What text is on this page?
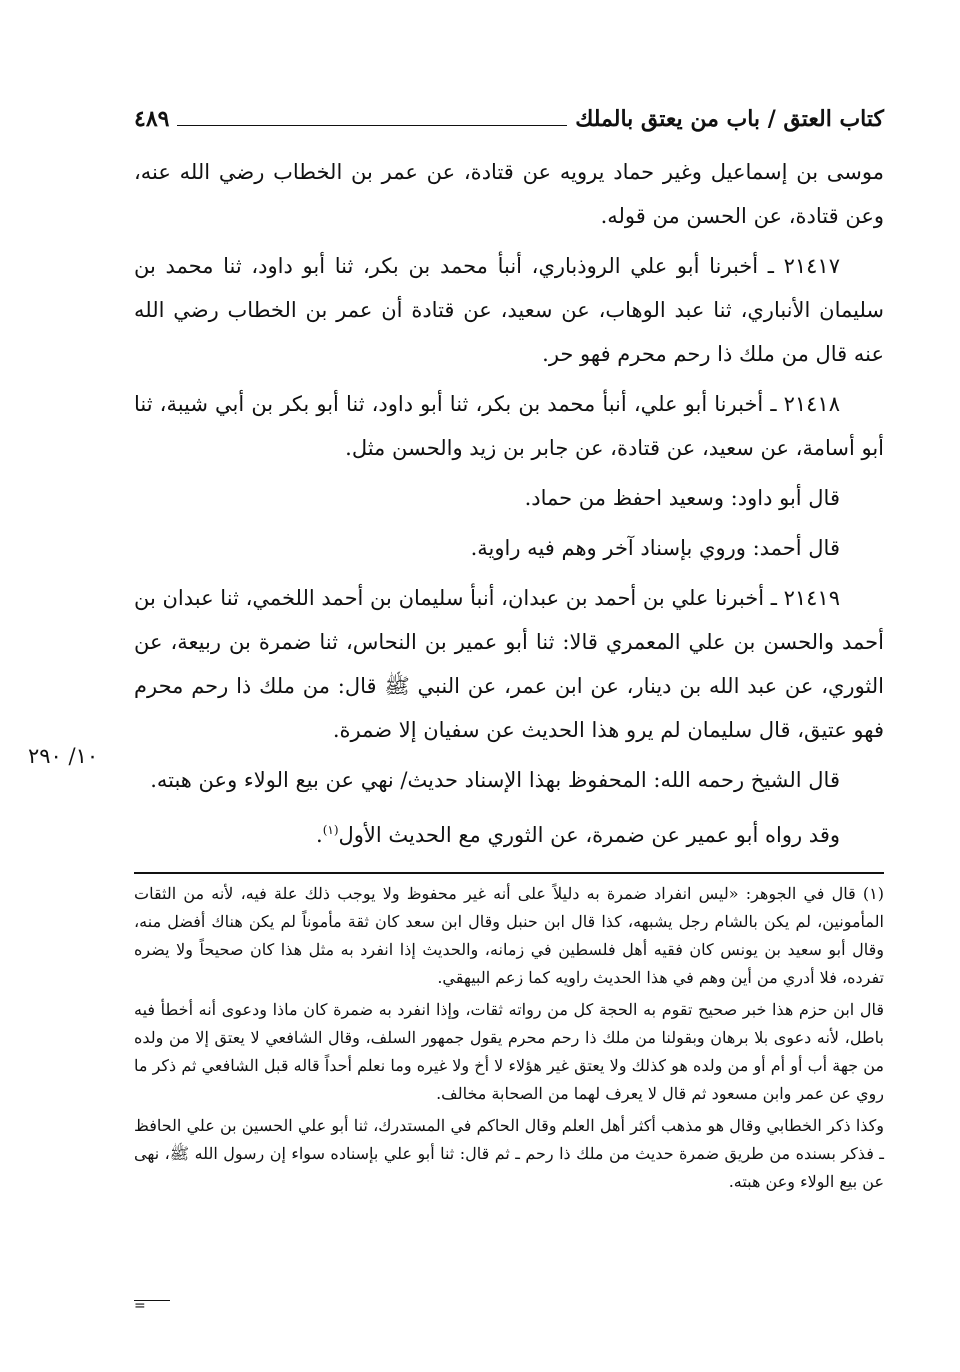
كتاب العتق / باب من يعتق بالملك
٤٨٩

موسى بن إسماعيل وغير حماد يرويه عن قتادة، عن عمر بن الخطاب رضي الله عنه، وعن قتادة، عن الحسن من قوله.

٢١٤١٧ ـ أخبرنا أبو علي الروذباري، أنبأ محمد بن بكر، ثنا أبو داود، ثنا محمد بن سليمان الأنباري، ثنا عبد الوهاب، عن سعيد، عن قتادة أن عمر بن الخطاب رضي الله عنه قال من ملك ذا رحم محرم فهو حر.

٢١٤١٨ ـ أخبرنا أبو علي، أنبأ محمد بن بكر، ثنا أبو داود، ثنا أبو بكر بن أبي شيبة، ثنا أبو أسامة، عن سعيد، عن قتادة، عن جابر بن زيد والحسن مثل.

قال أبو داود: وسعيد احفظ من حماد.

قال أحمد: وروي بإسناد آخر وهم فيه راوية.

٢١٤١٩ ـ أخبرنا علي بن أحمد بن عبدان، أنبأ سليمان بن أحمد اللخمي، ثنا عبدان بن أحمد والحسن بن علي المعمري قالا: ثنا أبو عمير بن النحاس، ثنا ضمرة بن ربيعة، عن الثوري، عن عبد الله بن دينار، عن ابن عمر، عن النبي ﷺ قال: من ملك ذا رحم محرم فهو عتيق، قال سليمان لم يرو هذا الحديث عن سفيان إلا ضمرة.

قال الشيخ رحمه الله: المحفوظ بهذا الإسناد حديث/ نهي عن بيع الولاء وعن هبته.

وقد رواه أبو عمير عن ضمرة، عن الثوري مع الحديث الأول$^{(١)}$.

١٠/ ٢٩٠

(١) قال في الجوهر: «ليس انفراد ضمرة به دليلاً على أنه غير محفوظ ولا يوجب ذلك علة فيه، لأنه من الثقات المأمونين، لم يكن بالشام رجل يشبهه، كذا قال ابن حنبل وقال ابن سعد كان ثقة مأموناً لم يكن هناك أفضل منه، وقال أبو سعيد بن يونس كان فقيه أهل فلسطين في زمانه، والحديث إذا انفرد به مثل هذا كان صحيحاً ولا يضره تفرده، فلا أدري من أين وهم في هذا الحديث راويه كما زعم البيهقي.

قال ابن حزم هذا خبر صحيح تقوم به الحجة كل من رواته ثقات، وإذا انفرد به ضمرة كان ماذا ودعوى أنه أخطأ فيه باطل، لأنه دعوى بلا برهان وبقولنا من ملك ذا رحم محرم يقول جمهور السلف، وقال الشافعي لا يعتق إلا من ولده من جهة أب أو أم أو من ولده هو كذلك ولا يعتق غير هؤلاء لا أخ ولا غيره وما نعلم أحداً قاله قبل الشافعي ثم ذكر ما روي عن عمر وابن مسعود ثم قال لا يعرف لهما من الصحابة مخالف.

وكذا ذكر الخطابي وقال هو مذهب أكثر أهل العلم وقال الحاكم في المستدرك، ثنا أبو علي الحسين بن علي الحافظ ـ فذكر بسنده من طريق ضمرة حديث من ملك ذا رحم ـ ثم قال: ثنا أبو علي بإسناده سواء إن رسول الله ﷺ، نهى عن بيع الولاء وعن هبته.

=
